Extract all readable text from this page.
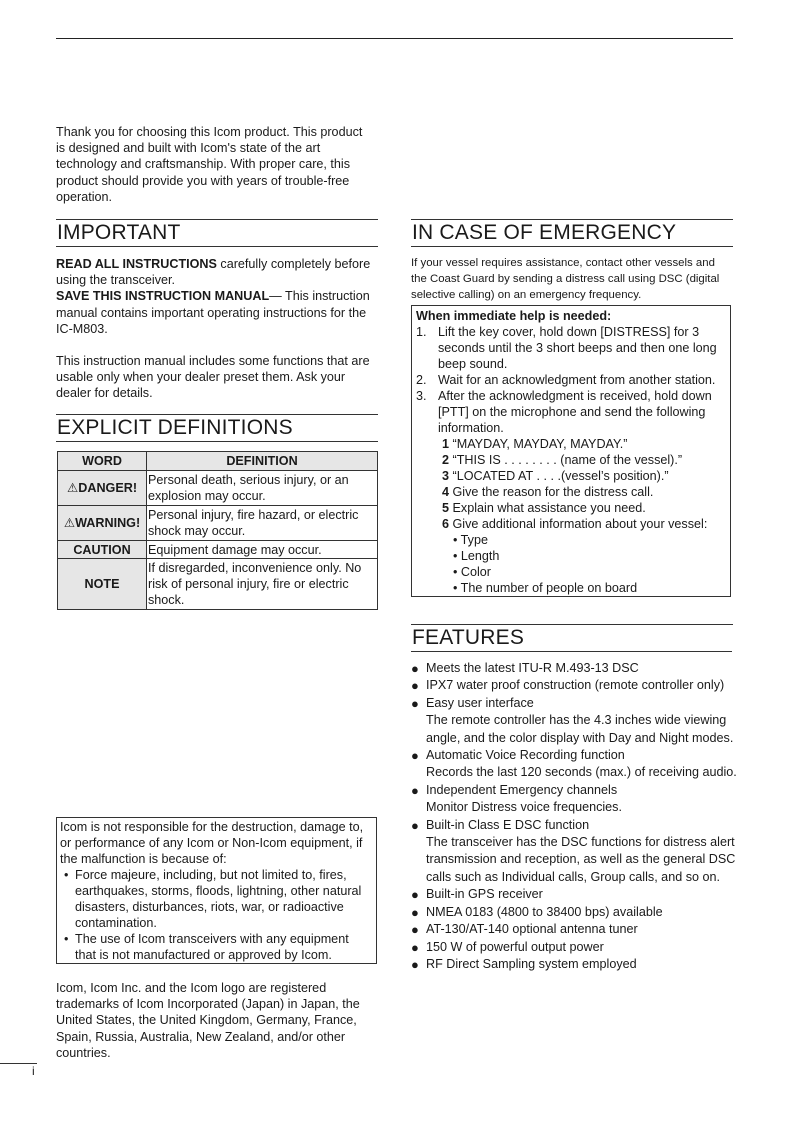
Thank you for choosing this Icom product. This product is designed and built with Icom's state of the art technology and craftsmanship. With proper care, this product should provide you with years of trouble-free operation.
IMPORTANT
READ ALL INSTRUCTIONS carefully completely before using the transceiver.
SAVE THIS INSTRUCTION MANUAL— This instruction manual contains important operating instructions for the IC-M803.
This instruction manual includes some functions that are usable only when your dealer preset them. Ask your dealer for details.
EXPLICIT DEFINITIONS
WORD	DEFINITION
⚠DANGER!	Personal death, serious injury, or an explosion may occur.
⚠WARNING!	Personal injury, fire hazard, or electric shock may occur.
CAUTION	Equipment damage may occur.
NOTE	If disregarded, inconvenience only. No risk of personal injury, fire or electric shock.
Icom is not responsible for the destruction, damage to, or performance of any Icom or Non-Icom equipment, if the malfunction is because of:
• Force majeure, including, but not limited to, fires, earthquakes, storms, floods, lightning, other natural disasters, disturbances, riots, war, or radioactive contamination.
• The use of Icom transceivers with any equipment that is not manufactured or approved by Icom.
Icom, Icom Inc. and the Icom logo are registered trademarks of Icom Incorporated (Japan) in Japan, the United States, the United Kingdom, Germany, France, Spain, Russia, Australia, New Zealand, and/or other countries.
i
IN CASE OF EMERGENCY
If your vessel requires assistance, contact other vessels and the Coast Guard by sending a distress call using DSC (digital selective calling) on an emergency frequency.
When immediate help is needed:
1. Lift the key cover, hold down [DISTRESS] for 3 seconds until the 3 short beeps and then one long beep sound.
2. Wait for an acknowledgment from another station.
3. After the acknowledgment is received, hold down [PTT] on the microphone and send the following information.
1 “MAYDAY, MAYDAY, MAYDAY.”
2 “THIS IS . . . . . . . . (name of the vessel).”
3 “LOCATED AT . . . .(vessel’s position).”
4 Give the reason for the distress call.
5 Explain what assistance you need.
6 Give additional information about your vessel:
• Type
• Length
• Color
• The number of people on board
FEATURES
● Meets the latest ITU-R M.493-13 DSC
● IPX7 water proof construction (remote controller only)
● Easy user interface
The remote controller has the 4.3 inches wide viewing angle, and the color display with Day and Night modes.
● Automatic Voice Recording function
Records the last 120 seconds (max.) of receiving audio.
● Independent Emergency channels
Monitor Distress voice frequencies.
● Built-in Class E DSC function
The transceiver has the DSC functions for distress alert transmission and reception, as well as the general DSC calls such as Individual calls, Group calls, and so on.
● Built-in GPS receiver
● NMEA 0183 (4800 to 38400 bps) available
● AT-130/AT-140 optional antenna tuner
● 150 W of powerful output power
● RF Direct Sampling system employed
